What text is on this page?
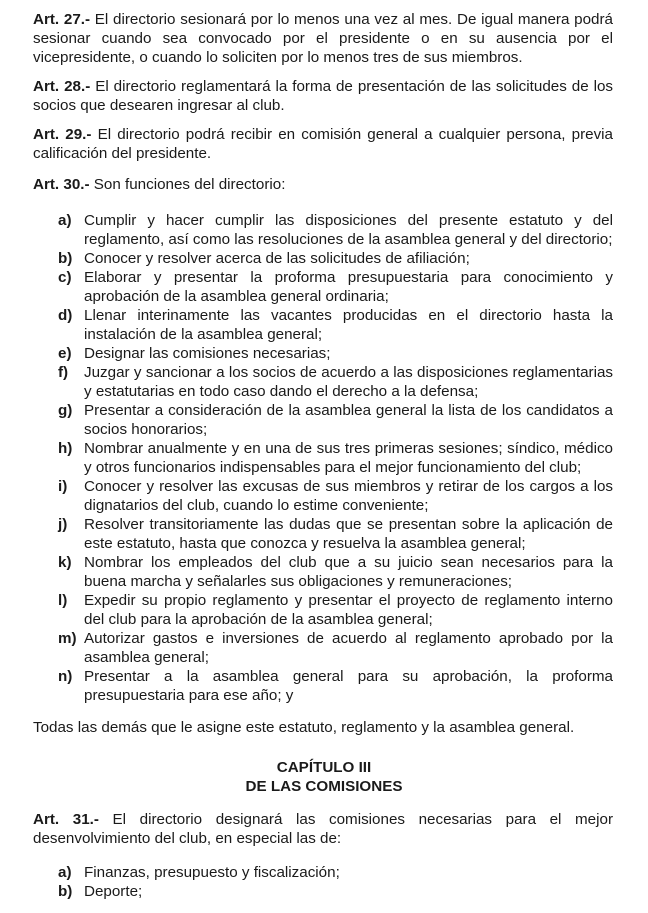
Art. 27.- El directorio sesionará por lo menos una vez al mes. De igual manera podrá sesionar cuando sea convocado por el presidente o en su ausencia por el vicepresidente, o cuando lo soliciten por lo menos tres de sus miembros.

Art. 28.- El directorio reglamentará la forma de presentación de las solicitudes de los socios que desearen ingresar al club.

Art. 29.- El directorio podrá recibir en comisión general a cualquier persona, previa calificación del presidente.

Art. 30.- Son funciones del directorio:

a) Cumplir y hacer cumplir las disposiciones del presente estatuto y del reglamento, así como las resoluciones de la asamblea general y del directorio;
b) Conocer y resolver acerca de las solicitudes de afiliación;
c) Elaborar y presentar la proforma presupuestaria para conocimiento y aprobación de la asamblea general ordinaria;
d) Llenar interinamente las vacantes producidas en el directorio hasta la instalación de la asamblea general;
e) Designar las comisiones necesarias;
f)	Juzgar y sancionar a los socios de acuerdo a las disposiciones reglamentarias y estatutarias en todo caso dando el derecho a la defensa;
g) Presentar a consideración de la asamblea general la lista de los candidatos a socios honorarios;
h) Nombrar anualmente y en una de sus tres primeras sesiones; síndico, médico y otros funcionarios indispensables para el mejor funcionamiento del club;
i)	Conocer y resolver las excusas de sus miembros y retirar de los cargos a los dignatarios del club, cuando lo estime conveniente;
j)	Resolver transitoriamente las dudas que se presentan sobre la aplicación de este estatuto, hasta que conozca y resuelva la asamblea general;
k) Nombrar los empleados del club que a su juicio sean necesarios para la buena marcha y señalarles sus obligaciones y remuneraciones;
l)	Expedir su propio reglamento y presentar el proyecto de reglamento interno del club para la aprobación de la asamblea general;
m) Autorizar gastos e inversiones de acuerdo al reglamento aprobado por la asamblea general;
n) Presentar a la asamblea general para su aprobación, la proforma presupuestaria para ese año; y

Todas las demás que le asigne este estatuto, reglamento y la asamblea general.

CAPÍTULO III

DE LAS COMISIONES

Art. 31.- El directorio designará las comisiones necesarias para el mejor desenvolvimiento del club, en especial las de:

a) Finanzas, presupuesto y fiscalización;
b) Deporte;
